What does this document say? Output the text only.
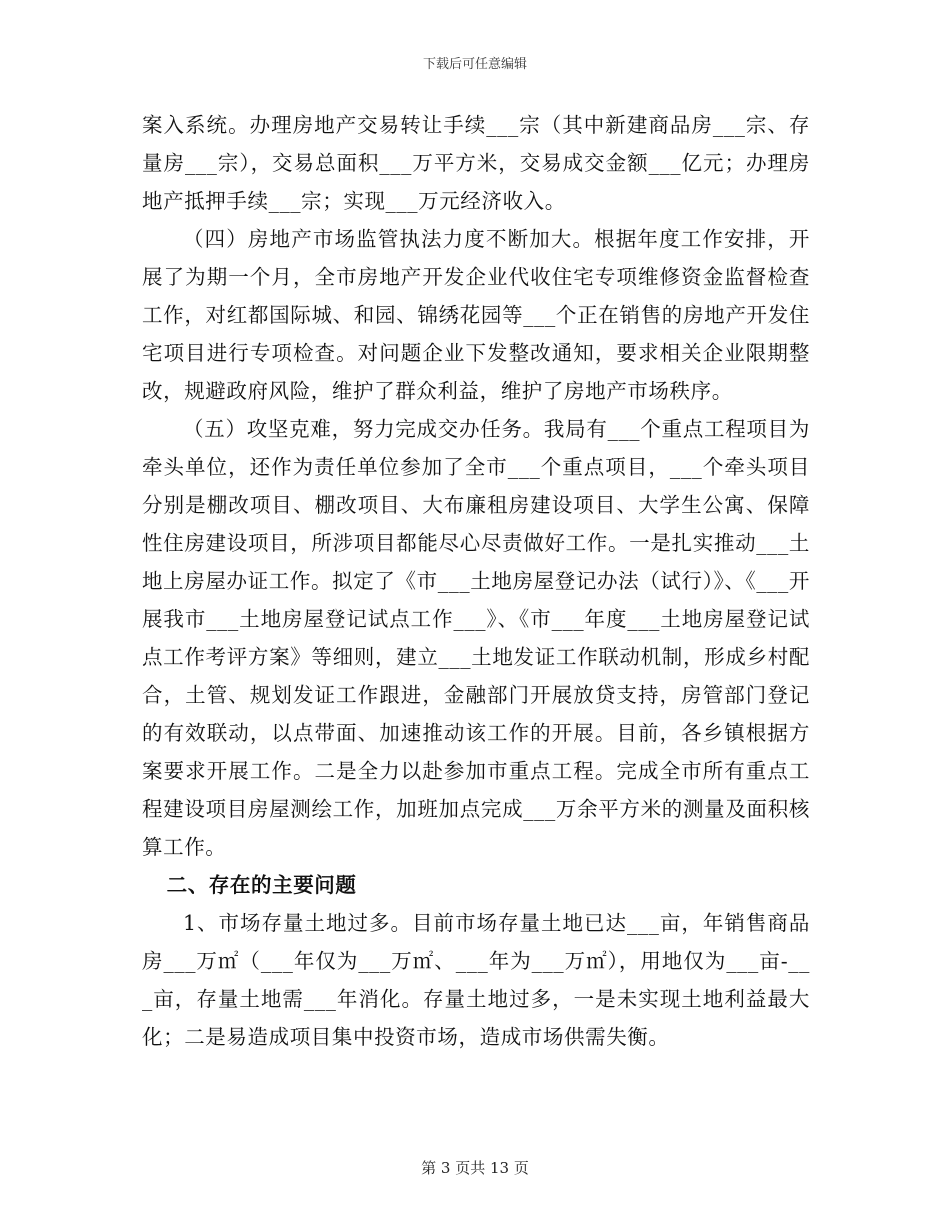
下载后可任意编辑

案入系统。办理房地产交易转让手续___宗（其中新建商品房___宗、存量房___宗），交易总面积___万平方米，交易成交金额___亿元；办理房地产抵押手续___宗；实现___万元经济收入。

（四）房地产市场监管执法力度不断加大。根据年度工作安排，开展了为期一个月，全市房地产开发企业代收住宅专项维修资金监督检查工作，对红都国际城、和园、锦绣花园等___个正在销售的房地产开发住宅项目进行专项检查。对问题企业下发整改通知，要求相关企业限期整改，规避政府风险，维护了群众利益，维护了房地产市场秩序。

（五）攻坚克难，努力完成交办任务。我局有___个重点工程项目为牵头单位，还作为责任单位参加了全市___个重点项目，___个牵头项目分别是棚改项目、棚改项目、大布廉租房建设项目、大学生公寓、保障性住房建设项目，所涉项目都能尽心尽责做好工作。一是扎实推动___土地上房屋办证工作。拟定了《市___土地房屋登记办法（试行）》、《___开展我市___土地房屋登记试点工作___》、《市___年度___土地房屋登记试点工作考评方案》等细则，建立___土地发证工作联动机制，形成乡村配合，土管、规划发证工作跟进，金融部门开展放贷支持，房管部门登记的有效联动，以点带面、加速推动该工作的开展。目前，各乡镇根据方案要求开展工作。二是全力以赴参加市重点工程。完成全市所有重点工程建设项目房屋测绘工作，加班加点完成___万余平方米的测量及面积核算工作。

二、存在的主要问题

1、市场存量土地过多。目前市场存量土地已达___亩，年销售商品房___万㎡（___年仅为___万㎡、___年为___万㎡），用地仅为___亩-___亩，存量土地需___年消化。存量土地过多，一是未实现土地利益最大化；二是易造成项目集中投资市场，造成市场供需失衡。

第 3 页共 13 页
